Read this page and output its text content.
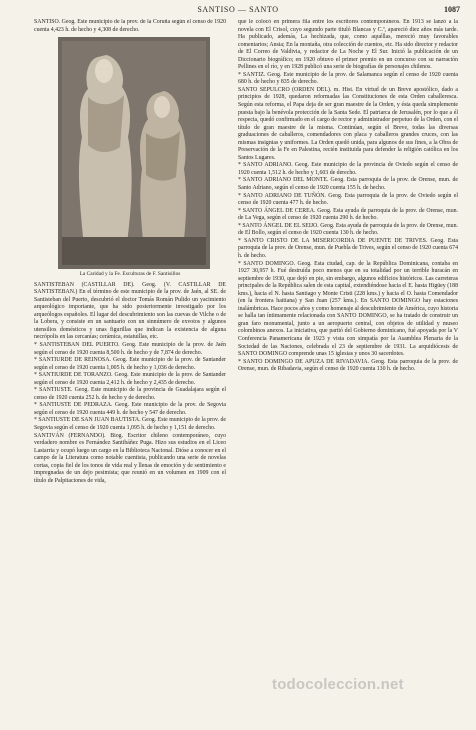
SANTISO — SANTO	1087

SANTISO. Geog. Este municipio de la prov. de la Coruña según el censo de 1920 cuenta 4,423 h. de hecho y 4,308 de derecho.

La Caridad y la Fe. Esculturas de F. Santisillos

SANTISTEBAN (CASTILLAR DE). Geog. (V. CASTILLAR DE SANTISTEBAN.) En el término de este municipio de la prov. de Jaén, al SE. de Santisteban del Puerto, descubrió el doctor Tomás Román Pulido un yacimiento arqueológico importante, que ha sido posteriormente investigado por los arqueólogos españoles. El lugar del descubrimiento son las cuevas de Vilche o de la Lobera, y consiste en un santuario con un sinnúmero de exvotos y algunos utensilios domésticos y unas figurillas que indican la existencia de alguna necrópolis en las cercanías; cerámica, estatuillas, etc.

* SANTISTEBAN DEL PUERTO. Geog. Este municipio de la prov. de Jaén según el censo de 1920 cuenta 8,500 h. de hecho y de 7,874 de derecho.

* SANTIURDE DE REINOSA. Geog. Este municipio de la prov. de Santander según el censo de 1920 cuenta 1,005 h. de hecho y 1,036 de derecho.

* SANTIURDE DE TORANZO. Geog. Este municipio de la prov. de Santander según el censo de 1920 cuenta 2,412 h. de hecho y 2,435 de derecho.

* SANTIUSTE. Geog. Este municipio de la provincia de Guadalajara según el censo de 1920 cuenta 252 h. de hecho y de derecho.

* SANTIUSTE DE PEDRAZA. Geog. Este municipio de la prov. de Segovia según el censo de 1920 cuenta 449 h. de hecho y 547 de derecho.

* SANTIUSTE DE SAN JUAN BAUTISTA. Geog. Este municipio de la prov. de Segovia según el censo de 1920 cuenta 1,095 h. de hecho y 1,151 de derecho.

SANTIVÁN (FERNANDO). Biog. Escritor chileno contemporáneo, cuyo verdadero nombre es Fernández Santibáñez Puga. Hizo sus estudios en el Liceo Lastarria y ocupó luego un cargo en la Biblioteca Nacional. Dióse a conocer en el campo de la Literatura como notable cuentista, publicando una serie de novelas cortas, copia fiel de los tonos de vida real y llenas de emoción y de sentimiento e impregnadas de un dejo pesimista; que reunió en un volumen en 1909 con el título de Palpitaciones de vida,

que le colocó en primera fila entre los escritores contemporáneos. En 1913 se lanzó a la novela con El Crisol, cuyo segundo parte tituló Blancas y C.ª, apareció diez años más tarde. Ha publicado, además, La hechizada, que, como aquéllas, mereció muy favorables comentarios; Ansia; En la montaña, otra colección de cuentos, etc. Ha sido director y redactor de El Correo de Valdivia, y redactor de La Noche y El Sur. Inició la publicación de un Diccionario biográfico; en 1920 obtuvo el primer premio en un concurso con su narración Pellines en el río, y en 1928 publicó una serie de biografías de personajes chilenos.

* SANTIZ. Geog. Este municipio de la prov. de Salamanca según el censo de 1920 cuenta 680 h. de hecho y 835 de derecho.

SANTO SEPULCRO (ORDEN DEL). m. Hist. En virtud de un Breve apostólico, dado a principios de 1928, quedaron reformadas las Constituciones de esta Orden caballeresca. Según esta reforma, el Papa deja de ser gran maestre de la Orden, y ésta queda simplemente puesta bajo la benévola protección de la Santa Sede. El patriarca de Jerusalén, por lo que a él respecta, quedó confirmado en el cargo de rector y administrador perpetuo de la Orden, con el título de gran maestre de la misma. Continúan, según el Breve, todas las diversas graduaciones de caballeros, comendadores con placa y caballeros grandes cruces, con las mismas insignias y uniformes. La Orden quedó unida, para algunos de sus fines, a la Obra de Preservación de la Fe en Palestina, recién instituida para defender la religión católica en los Santos Lugares.

* SANTO ADRIANO. Geog. Este municipio de la provincia de Oviedo según el censo de 1920 cuenta 1,512 h. de hecho y 1,603 de derecho.

* SANTO ADRIANO DEL MONTE. Geog. Esta parroquia de la prov. de Orense, mun. de Santo Adriano, según el censo de 1920 cuenta 155 h. de hecho.

* SANTO ADRIANO DE TUÑÓN. Geog. Esta parroquia de la prov. de Oviedo según el censo de 1920 cuenta 477 h. de hecho.

* SANTO ÁNGEL DE CEREA. Geog. Esta ayuda de parroquia de la prov. de Orense, mun. de La Vega, según el censo de 1920 cuenta 290 h. de hecho.

* SANTO ÁNGEL DE EL SEIJO. Geog. Esta ayuda de parroquia de la prov. de Orense, mun. de El Bollo, según el censo de 1920 cuenta 130 h. de hecho.

* SANTO CRISTO DE LA MISERICORDIA DE PUENTE DE TRIVES. Geog. Esta parroquia de la prov. de Orense, mun. de Puebla de Trives, según el censo de 1920 cuenta 674 h. de hecho.

* SANTO DOMINGO. Geog. Esta ciudad, cap. de la República Dominicana, contaba en 1927 30,957 h. Fué destruída poco menos que en su totalidad por un terrible huracán en septiembre de 1930, que dejó en pie, sin embargo, algunos edificios históricos. Las carreteras principales de la República salen de esta capital, extendiéndose hacia el E. hasta Higüey (188 kms.), hacia el N. hasta Santiago y Monte Cristi (228 kms.) y hacia el O. hasta Comendador (en la frontera haitiana) y San Juan (257 kms.). En SANTO DOMINGO hay estaciones inalámbricas. Hace pocos años y como homenaje al descubrimiento de América, cuyo historia se halla tan íntimamente relacionada con SANTO DOMINGO, se ha tratado de construir un gran faro monumental, junto a un aeropuerto central, con objetos de utilidad y museo colombinos anexos. La iniciativa, que partió del Gobierno dominicano, fué apoyada por la V Conferencia Panamericana de 1923 y vista con simpatía por la Asamblea Plenaria de la Sociedad de las Naciones, celebrada el 23 de septiembre de 1931. La arquidiócesis de SANTO DOMINGO comprende unas 15 iglesias y unos 30 sacerdotes.

* SANTO DOMINGO DE APUZA DE RIVADAVIA. Geog. Esta parroquia de la prov. de Orense, mun. de Ribadavia, según el censo de 1920 cuenta 130 h. de hecho.

todocoleccion.net
